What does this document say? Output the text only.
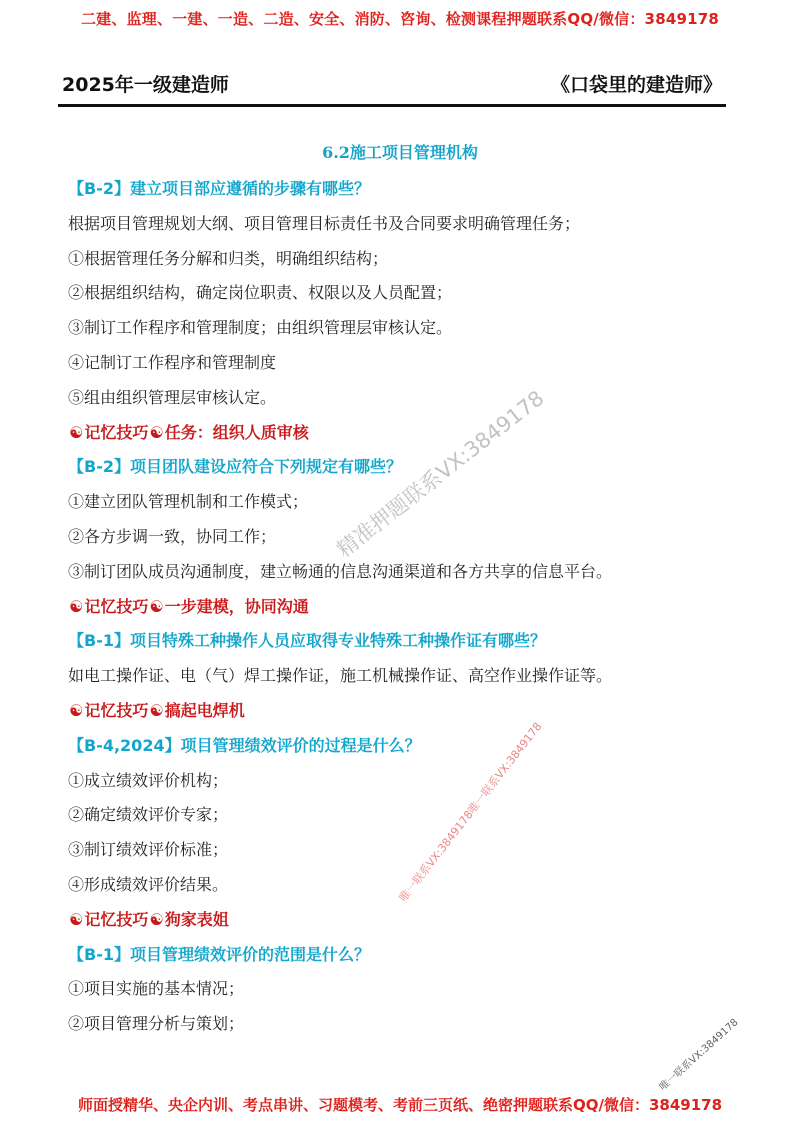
二建、监理、一建、一造、二造、安全、消防、咨询、检测课程押题联系QQ/微信：3849178
2025年一级建造师	《口袋里的建造师》
6.2施工项目管理机构
【B-2】建立项目部应遵循的步骤有哪些？
根据项目管理规划大纲、项目管理目标责任书及合同要求明确管理任务；
①根据管理任务分解和归类，明确组织结构；
②根据组织结构，确定岗位职责、权限以及人员配置；
③制订工作程序和管理制度；由组织管理层审核认定。
④记制订工作程序和管理制度
⑤组由组织管理层审核认定。
☯记忆技巧☯任务：组织人质审核
【B-2】项目团队建设应符合下列规定有哪些？
①建立团队管理机制和工作模式；
②各方步调一致，协同工作；
③制订团队成员沟通制度，建立畅通的信息沟通渠道和各方共享的信息平台。
☯记忆技巧☯一步建模，协同沟通
【B-1】项目特殊工种操作人员应取得专业特殊工种操作证有哪些？
如电工操作证、电（气）焊工操作证，施工机械操作证、高空作业操作证等。
☯记忆技巧☯搞起电焊机
【B-4,2024】项目管理绩效评价的过程是什么？
①成立绩效评价机构；
②确定绩效评价专家；
③制订绩效评价标准；
④形成绩效评价结果。
☯记忆技巧☯狗家表姐
【B-1】项目管理绩效评价的范围是什么？
①项目实施的基本情况；
②项目管理分析与策划；
精准押题联系VX:3849178
唯一联系VX:3849178唯一联系VX:3849178
唯一联系VX:3849178
师面授精华、央企内训、考点串讲、习题模考、考前三页纸、绝密押题联系QQ/微信：3849178
